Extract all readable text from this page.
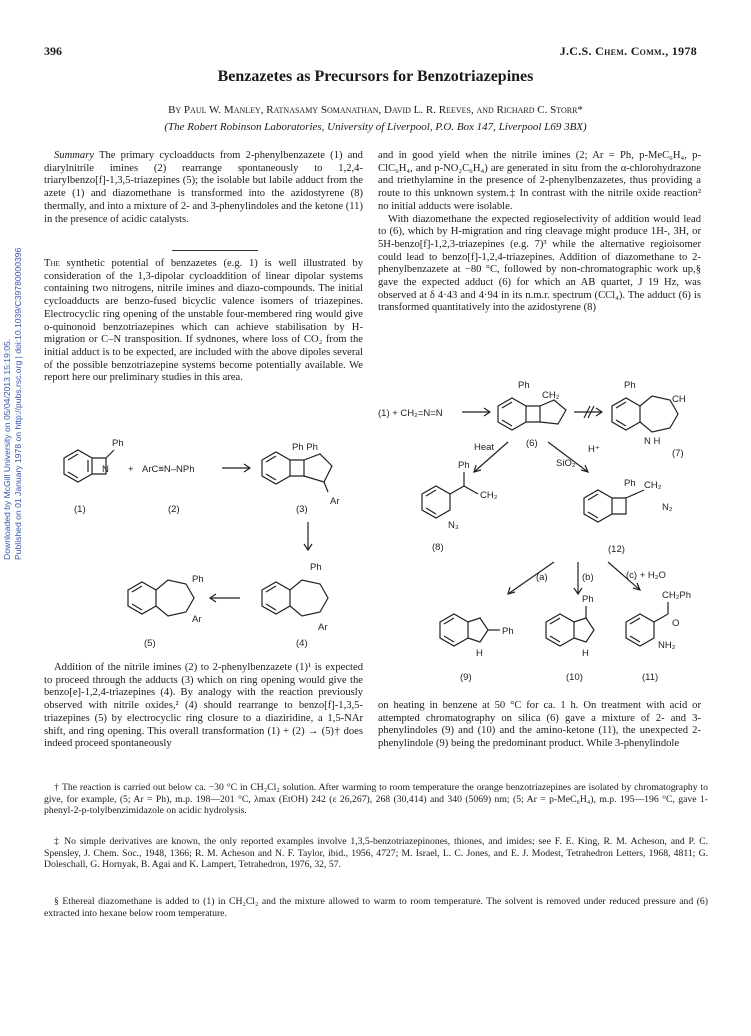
Downloaded by McGill University on 05/04/2013 15:19:05. Published on 01 January 1978 on http://pubs.rsc.org | doi:10.1039/C39780000396
396	J.C.S. Chem. Comm., 1978
Benzazetes as Precursors for Benzotriazepines
By Paul W. Manley, Ratnasamy Somanathan, David L. R. Reeves, and Richard C. Storr*
(The Robert Robinson Laboratories, University of Liverpool, P.O. Box 147, Liverpool L69 3BX)

Summary The primary cycloadducts from 2-phenylbenzazete (1) and diarylnitrile imines (2) rearrange spontaneously to 1,2,4-triarylbenzo[f]-1,3,5-triazepines (5); the isolable but labile adduct from the azete (1) and diazomethane is transformed into the azidostyrene (8) thermally, and into a mixture of 2- and 3-phenylindoles and the ketone (11) in the presence of acidic catalysts.

The synthetic potential of benzazetes (e.g. 1) is well illustrated by consideration of the 1,3-dipolar cycloaddition of linear dipolar systems containing two nitrogens, nitrile imines and diazo-compounds. The initial cycloadducts are benzo-fused bicyclic valence isomers of triazepines. Electrocyclic ring opening of the unstable four-membered ring would give o-quinonoid benzotriazepines which can achieve stabilisation by H-migration or C–N transposition. If sydnones, where loss of CO₂ from the initial adduct is to be expected, are included with the above dipoles several of the possible benzotriazepine systems become potentially available. We report here our preliminary studies in this area.

Ph
N + ArC≡N–NPh
Ph Ph
Ar
Ph
Ar
Ph
Ar
(1)	(2)	(3)
(4)
(5)

Addition of the nitrile imines (2) to 2-phenylbenzazete (1)¹ is expected to proceed through the adducts (3) which on ring opening would give the benzo[e]-1,2,4-triazepines (4). By analogy with the reaction previously observed with nitrile oxides,² (4) should rearrange to benzo[f]-1,3,5-triazepines (5) by electrocyclic ring closure to a diaziridine, a 1,5-NAr shift, and ring opening. This overall transformation (1) + (2) → (5)† does indeed proceed spontaneously

and in good yield when the nitrile imines (2; Ar = Ph, p-MeC₆H₄, p-ClC₆H₄, and p-NO₂C₆H₄) are generated in situ from the α-chlorohydrazone and triethylamine in the presence of 2-phenylbenzazetes, thus providing a route to this unknown system.‡ In contrast with the nitrile oxide reaction² no initial adducts were isolable.

With diazomethane the expected regioselectivity of addition would lead to (6), which by H-migration and ring cleavage might produce 1H-, 3H, or 5H-benzo[f]-1,2,3-triazepines (e.g. 7)³ while the alternative regioisomer could lead to benzo[f]-1,2,4-triazepines. Addition of diazomethane to 2-phenylbenzazete at −80 °C, followed by non-chromatographic work up,§ gave the expected adduct (6) for which an AB quartet, J 19 Hz, was observed at δ 4·43 and 4·94 in its n.m.r. spectrum (CCl₄). The adduct (6) is transformed quantitatively into the azidostyrene (8)

(1) + CH₂=N=N
Ph
CH₂
Ph
CH
N H
(6)
(7)
Heat
SiO₂
H⁺
Ph
CH₂
N₃
(8)
Ph CH₂
N₂
(12)
(a)	(b)	(c) + H₂O
Ph
H
Ph
H
CH₂Ph
O
NH₂
(9)	(10)	(11)

on heating in benzene at 50 °C for ca. 1 h. On treatment with acid or attempted chromatography on silica (6) gave a mixture of 2- and 3-phenylindoles (9) and (10) and the amino-ketone (11), the unexpected 2-phenylindole (9) being the predominant product. While 3-phenylindole

† The reaction is carried out below ca. −30 °C in CH₂Cl₂ solution. After warming to room temperature the orange benzotriazepines are isolated by chromatography to give, for example, (5; Ar = Ph), m.p. 198—201 °C, λmax (EtOH) 242 (ε 26,267), 268 (30,414) and 340 (5069) nm; (5; Ar = p-MeC₆H₄), m.p. 195—196 °C, gave 1-phenyl-2-p-tolylbenzimidazole on acidic hydrolysis.

‡ No simple derivatives are known, the only reported examples involve 1,3,5-benzotriazepinones, thiones, and imides; see F. E. King, R. M. Acheson, and P. C. Spensley, J. Chem. Soc., 1948, 1366; R. M. Acheson and N. F. Taylor, ibid., 1956, 4727; M. Israel, L. C. Jones, and E. J. Modest, Tetrahedron Letters, 1968, 4811; G. Doleschall, G. Hornyak, B. Agai and K. Lampert, Tetrahedron, 1976, 32, 57.

§ Ethereal diazomethane is added to (1) in CH₂Cl₂ and the mixture allowed to warm to room temperature. The solvent is removed under reduced pressure and (6) extracted into hexane below room temperature.
